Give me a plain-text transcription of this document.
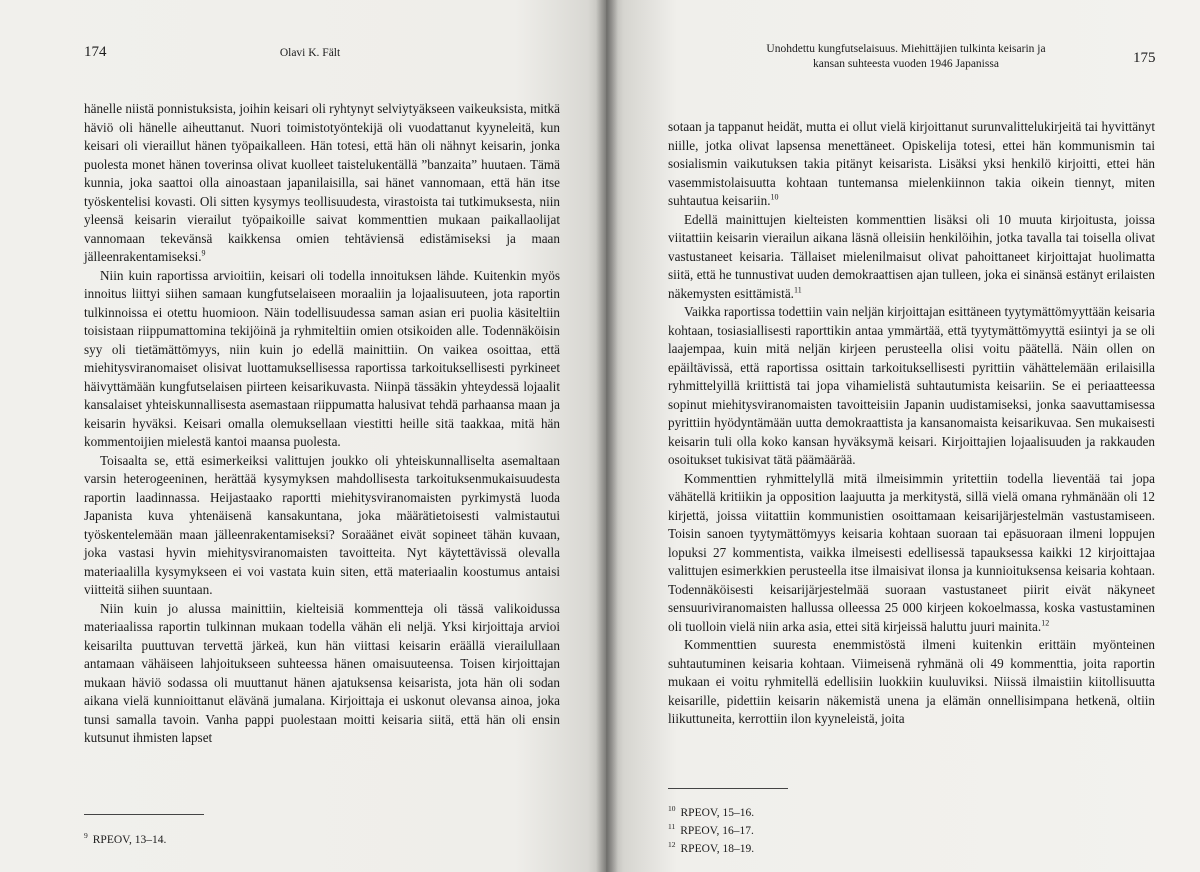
174	Olavi K. Fält

hänelle niistä ponnistuksista, joihin keisari oli ryhtynyt selviytyäkseen vaikeuksista, mitkä häviö oli hänelle aiheuttanut. Nuori toimistotyöntekijä oli vuodattanut kyyneleitä, kun keisari oli vieraillut hänen työpaikalleen. Hän totesi, että hän oli nähnyt keisarin, jonka puolesta monet hänen toverinsa olivat kuolleet taistelukentällä ”banzaita” huutaen. Tämä kunnia, joka saattoi olla ainoastaan japanilaisilla, sai hänet vannomaan, että hän itse työskentelisi kovasti. Oli sitten kysymys teollisuudesta, virastoista tai tutkimuksesta, niin yleensä keisarin vierailut työpaikoille saivat kommenttien mukaan paikallaolijat vannomaan tekevänsä kaikkensa omien tehtäviensä edistämiseksi ja maan jälleenrakentamiseksi.$^9$

Niin kuin raportissa arvioitiin, keisari oli todella innoituksen lähde. Kuitenkin myös innoitus liittyi siihen samaan kungfutselaiseen moraaliin ja lojaalisuuteen, jota raportin tulkinnoissa ei otettu huomioon. Näin todellisuudessa saman asian eri puolia käsiteltiin toisistaan riippumattomina tekijöinä ja ryhmiteltiin omien otsikoiden alle. Todennäköisin syy oli tietämättömyys, niin kuin jo edellä mainittiin. On vaikea osoittaa, että miehitysviranomaiset olisivat luottamuksellisessa raportissa tarkoituksellisesti pyrkineet häivyttämään kungfutselaisen piirteen keisarikuvasta. Niinpä tässäkin yhteydessä lojaalit kansalaiset yhteiskunnallisesta asemastaan riippumatta halusivat tehdä parhaansa maan ja keisarin hyväksi. Keisari omalla olemuksellaan viestitti heille sitä taakkaa, mitä hän kommentoijien mielestä kantoi maansa puolesta.

Toisaalta se, että esimerkeiksi valittujen joukko oli yhteiskunnalliselta asemaltaan varsin heterogeeninen, herättää kysymyksen mahdollisesta tarkoituksenmukaisuudesta raportin laadinnassa. Heijastaako raportti miehitysviranomaisten pyrkimystä luoda Japanista kuva yhtenäisenä kansakuntana, joka määrätietoisesti valmistautui työskentelemään maan jälleenrakentamiseksi? Soraäänet eivät sopineet tähän kuvaan, joka vastasi hyvin miehitysviranomaisten tavoitteita. Nyt käytettävissä olevalla materiaalilla kysymykseen ei voi vastata kuin siten, että materiaalin koostumus antaisi viitteitä siihen suuntaan.

Niin kuin jo alussa mainittiin, kielteisiä kommentteja oli tässä valikoidussa materiaalissa raportin tulkinnan mukaan todella vähän eli neljä. Yksi kirjoittaja arvioi keisarilta puuttuvan tervettä järkeä, kun hän viittasi keisarin eräällä vierailullaan antamaan vähäiseen lahjoitukseen suhteessa hänen omaisuuteensa. Toisen kirjoittajan mukaan häviö sodassa oli muuttanut hänen ajatuksensa keisarista, jota hän oli sodan aikana vielä kunnioittanut elävänä jumalana. Kirjoittaja ei uskonut olevansa ainoa, joka tunsi samalla tavoin. Vanha pappi puolestaan moitti keisaria siitä, että hän oli ensin kutsunut ihmisten lapset

$^9$ RPEOV, 13–14.
Unohdettu kungfutselaisuus. Miehittäjien tulkinta keisarin ja
kansan suhteesta vuoden 1946 Japanissa	175

sotaan ja tappanut heidät, mutta ei ollut vielä kirjoittanut surunvalittelukirjeitä tai hyvittänyt niille, jotka olivat lapsensa menettäneet. Opiskelija totesi, ettei hän kommunismin tai sosialismin vaikutuksen takia pitänyt keisarista. Lisäksi yksi henkilö kirjoitti, ettei hän vasemmistolaisuutta kohtaan tuntemansa mielenkiinnon takia oikein tiennyt, miten suhtautua keisariin.$^{10}$

Edellä mainittujen kielteisten kommenttien lisäksi oli 10 muuta kirjoitusta, joissa viitattiin keisarin vierailun aikana läsnä olleisiin henkilöihin, jotka tavalla tai toisella olivat vastustaneet keisaria. Tällaiset mielenilmaisut olivat pahoittaneet kirjoittajat huolimatta siitä, että he tunnustivat uuden demokraattisen ajan tulleen, joka ei sinänsä estänyt erilaisten näkemysten esittämistä.$^{11}$

Vaikka raportissa todettiin vain neljän kirjoittajan esittäneen tyytymättömyyttään keisaria kohtaan, tosiasiallisesti raporttikin antaa ymmärtää, että tyytymättömyyttä esiintyi ja se oli laajempaa, kuin mitä neljän kirjeen perusteella olisi voitu päätellä. Näin ollen on epäiltävissä, että raportissa osittain tarkoituksellisesti pyrittiin vähättelemään erilaisilla ryhmittelyillä kriittistä tai jopa vihamielistä suhtautumista keisariin. Se ei periaatteessa sopinut miehitysviranomaisten tavoitteisiin Japanin uudistamiseksi, jonka saavuttamisessa pyrittiin hyödyntämään uutta demokraattista ja kansanomaista keisarikuvaa. Sen mukaisesti keisarin tuli olla koko kansan hyväksymä keisari. Kirjoittajien lojaalisuuden ja rakkauden osoitukset tukisivat tätä päämäärää.

Kommenttien ryhmittelyllä mitä ilmeisimmin yritettiin todella lieventää tai jopa vähätellä kritiikin ja opposition laajuutta ja merkitystä, sillä vielä omana ryhmänään oli 12 kirjettä, joissa viitattiin kommunistien osoittamaan keisarijärjestelmän vastustamiseen. Toisin sanoen tyytymättömyys keisaria kohtaan suoraan tai epäsuoraan ilmeni loppujen lopuksi 27 kommentista, vaikka ilmeisesti edellisessä tapauksessa kaikki 12 kirjoittajaa valittujen esimerkkien perusteella itse ilmaisivat ilonsa ja kunnioituksensa keisaria kohtaan. Todennäköisesti keisarijärjestelmää suoraan vastustaneet piirit eivät näkyneet sensuuriviranomaisten hallussa olleessa 25 000 kirjeen kokoelmassa, koska vastustaminen oli tuolloin vielä niin arka asia, ettei sitä kirjeissä haluttu juuri mainita.$^{12}$

Kommenttien suuresta enemmistöstä ilmeni kuitenkin erittäin myönteinen suhtautuminen keisaria kohtaan. Viimeisenä ryhmänä oli 49 kommenttia, joita raportin mukaan ei voitu ryhmitellä edellisiin luokkiin kuuluviksi. Niissä ilmaistiin kiitollisuutta keisarille, pidettiin keisarin näkemistä unena ja elämän onnellisimpana hetkenä, oltiin liikuttuneita, kerrottiin ilon kyyneleistä, joita

$^{10}$ RPEOV, 15–16.
$^{11}$ RPEOV, 16–17.
$^{12}$ RPEOV, 18–19.
